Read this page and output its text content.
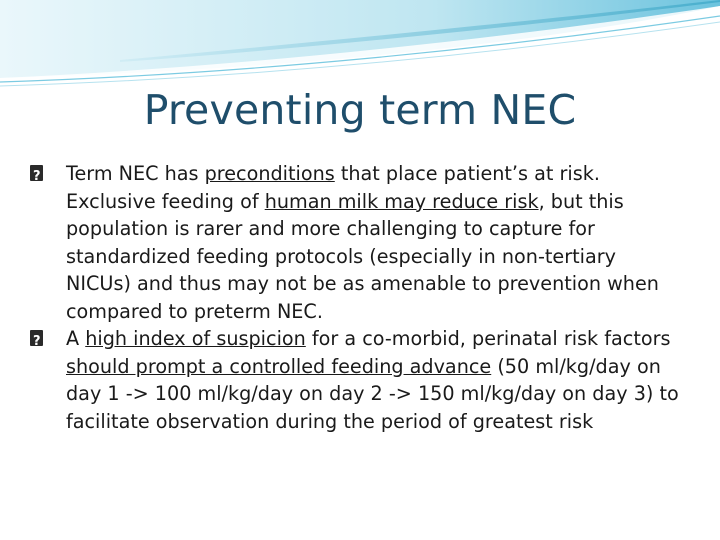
Preventing term NEC
?
Term NEC has preconditions that place patient’s at risk. Exclusive feeding of human milk may reduce risk, but this population is rarer and more challenging to capture for standardized feeding protocols (especially in non-tertiary NICUs) and thus may not be as amenable to prevention when compared to preterm NEC.
?
A high index of suspicion for a co-morbid, perinatal risk factors should prompt a controlled feeding advance (50 ml/kg/day on day 1 -> 100 ml/kg/day on day 2 -> 150 ml/kg/day on day 3) to facilitate observation during the period of greatest risk
